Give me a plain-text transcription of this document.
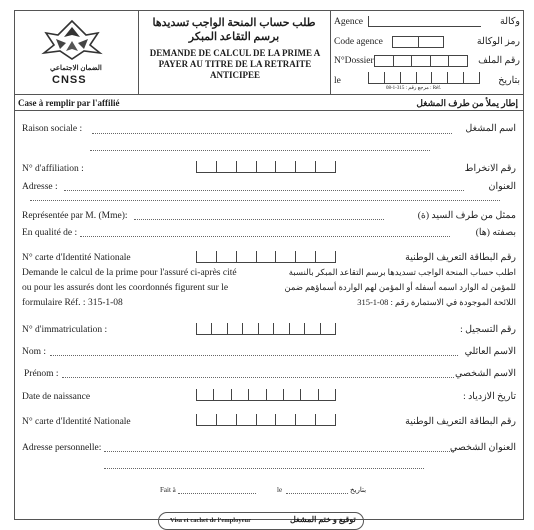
الضمان الاجتماعي
CNSS
طلب حساب المنحة الواجب تسديدها
برسم التقاعد المبكر
DEMANDE DE CALCUL DE LA PRIME A
PAYER AU TITRE DE LA RETRAITE
ANTICIPEE
Agence	وكالة
Code agence	رمز الوكالة
N°Dossier	رقم الملف
le	بتاريخ
مرجع رقم : 315-1-08 : Réf.
Case à remplir par l'affilié	إطار يملأ من طرف المشغل
Raison sociale :	اسم المشغل
N° d'affiliation :	رقم الانخراط
Adresse :	العنوان
Représentée par M. (Mme):	ممثل من طرف السيد (ة)
En qualité de :	بصفته (ها)
N° carte d'Identité Nationale	رقم البطاقة التعريف الوطنية
Demande le calcul de la prime pour l'assuré ci-après cité
ou pour les assurés dont les coordonnés figurent sur le
formulaire Réf. : 315-1-08
اطلب حساب المنحة الواجب تسديدها برسم التقاعد المبكر بالنسبة
للمؤمن له الوارد اسمه أسفله أو المؤمن لهم الواردة أسماؤهم ضمن
اللائحة الموجودة في الاستمارة رقم : 08-1-315
N° d'immatriculation :	رقم التسجيل :
Nom :	الاسم العائلي
Prénom :	الاسم الشخصي
Date de naissance	تاريخ الازدياد :
N° carte d'Identité Nationale	رقم البطاقة التعريف الوطنية
Adresse personnelle:	العنوان الشخصي
Fait à	le	بتاريخ
Visa et cachet de l'employeur	توقيع و ختم المشغل
